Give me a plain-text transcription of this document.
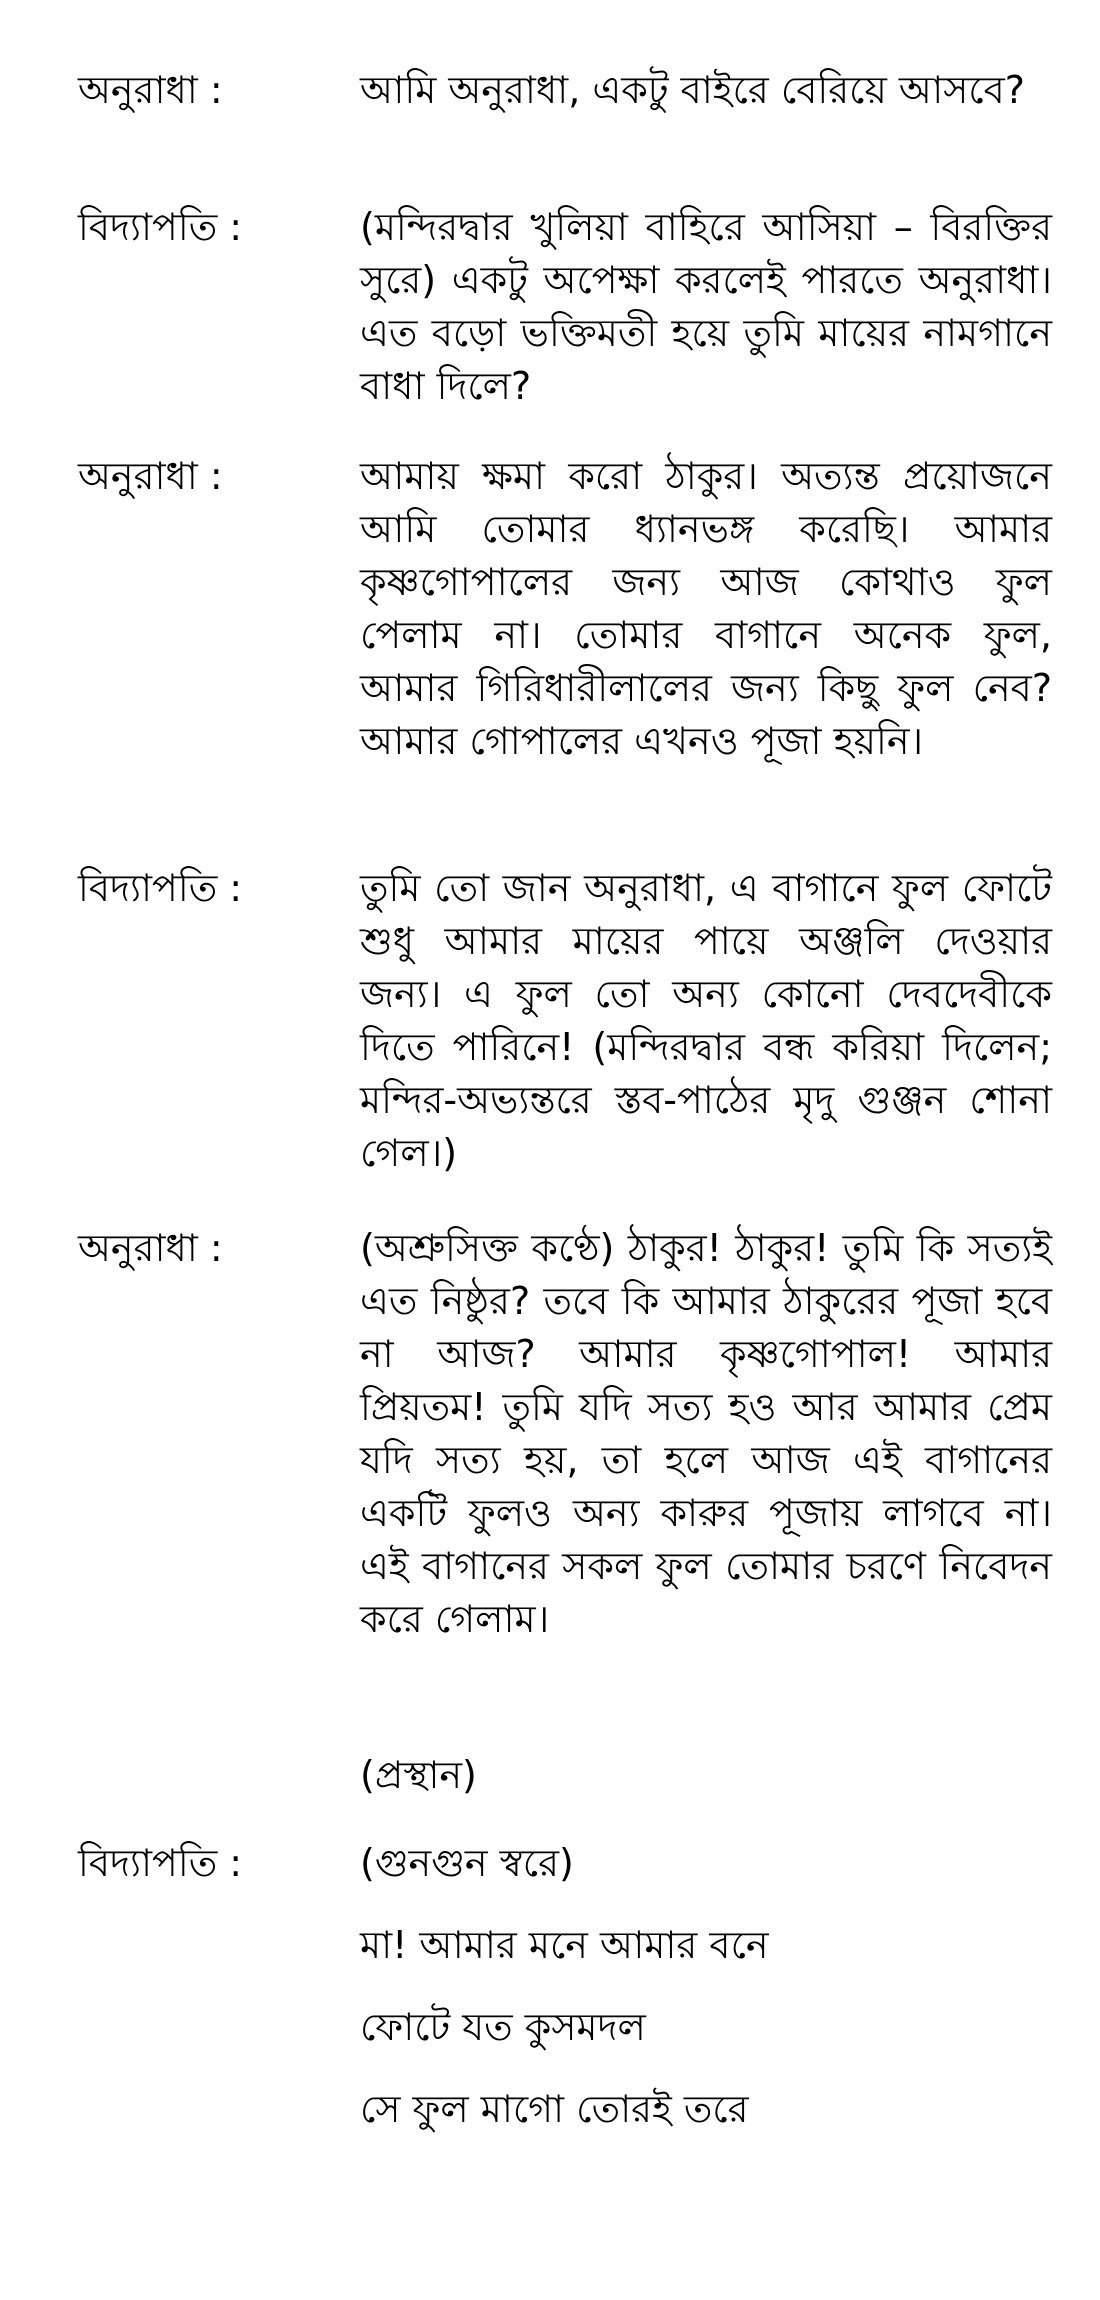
অনুরাধা :	আমি অনুরাধা, একটু বাইরে বেরিয়ে আসবে?

বিদ্যাপতি :	(মন্দিরদ্বার খুলিয়া বাহিরে আসিয়া – বিরক্তির সুরে) একটু অপেক্ষা করলেই পারতে অনুরাধা। এত বড়ো ভক্তিমতী হয়ে তুমি মায়ের নামগানে বাধা দিলে?

অনুরাধা :	আমায় ক্ষমা করো ঠাকুর। অত্যন্ত প্রয়োজনে আমি তোমার ধ্যানভঙ্গ করেছি। আমার কৃষ্ণগোপালের জন্য আজ কোথাও ফুল পেলাম না। তোমার বাগানে অনেক ফুল, আমার গিরিধারীলালের জন্য কিছু ফুল নেব? আমার গোপালের এখনও পূজা হয়নি।

বিদ্যাপতি :	তুমি তো জান অনুরাধা, এ বাগানে ফুল ফোটে শুধু আমার মায়ের পায়ে অঞ্জলি দেওয়ার জন্য। এ ফুল তো অন্য কোনো দেবদেবীকে দিতে পারিনে! (মন্দিরদ্বার বন্ধ করিয়া দিলেন; মন্দির-অভ্যন্তরে স্তব-পাঠের মৃদু গুঞ্জন শোনা গেল।)

অনুরাধা :	(অশ্রুসিক্ত কণ্ঠে) ঠাকুর! ঠাকুর! তুমি কি সত্যই এত নিষ্ঠুর? তবে কি আমার ঠাকুরের পূজা হবে না আজ? আমার কৃষ্ণগোপাল! আমার প্রিয়তম! তুমি যদি সত্য হও আর আমার প্রেম যদি সত্য হয়, তা হলে আজ এই বাগানের একটি ফুলও অন্য কারুর পূজায় লাগবে না। এই বাগানের সকল ফুল তোমার চরণে নিবেদন করে গেলাম।

(প্রস্থান)
বিদ্যাপতি :	(গুনগুন স্বরে)

মা! আমার মনে আমার বনে

ফোটে যত কুসমদল

সে ফুল মাগো তোরই তরে
